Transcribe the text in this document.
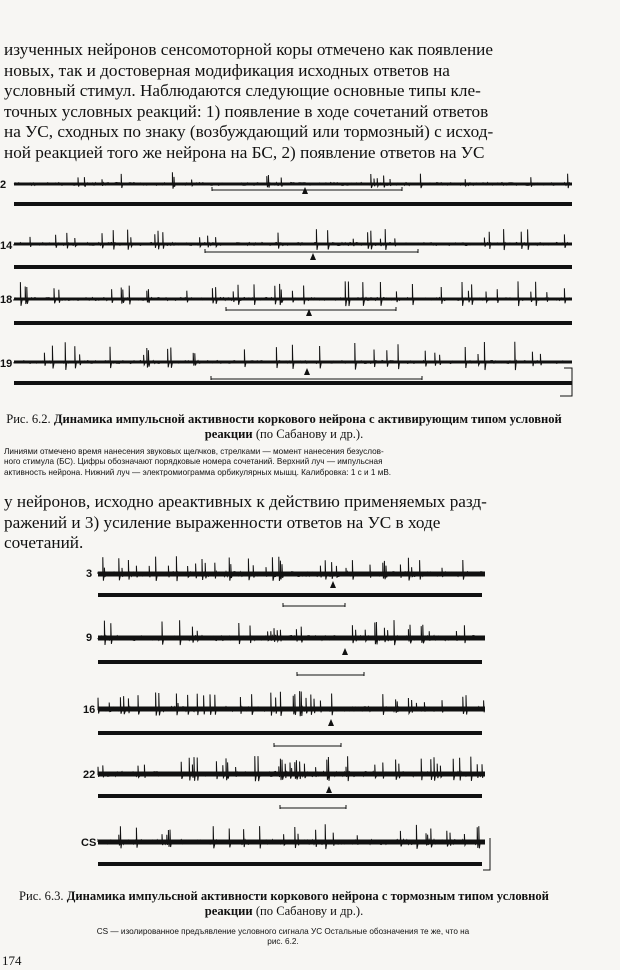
изученных нейронов сенсомоторной коры отмечено как появление
новых, так и достоверная модификация исходных ответов на
условный стимул. Наблюдаются следующие основные типы кле-
точных условных реакций: 1) появление в ходе сочетаний ответов
на УС, сходных по знаку (возбуждающий или тормозный) с исход-
ной реакцией того же нейрона на БС, 2) появление ответов на УС

2
14
18
19

Рис. 6.2. Динамика импульсной активности коркового нейрона с активирующим типом условной реакции (по Сабанову и др.).

Линиями отмечено время нанесения звуковых щелчков, стрелками — момент нанесения безуслов-
ного стимула (БС). Цифры обозначают порядковые номера сочетаний. Верхний луч — импульсная
активность нейрона. Нижний луч — электромиограмма орбикулярных мышц. Калибровка: 1 с и 1 мВ.

у нейронов, исходно ареактивных к действию применяемых разд-
ражений и 3) усиление выраженности ответов на УС в ходе
сочетаний.

3
9
16
22
CS

Рис. 6.3. Динамика импульсной активности коркового нейрона с тормозным типом условной реакции (по Сабанову и др.).

CS — изолированное предъявление условного сигнала УС Остальные обозначения те же, что на
рис. 6.2.

174
